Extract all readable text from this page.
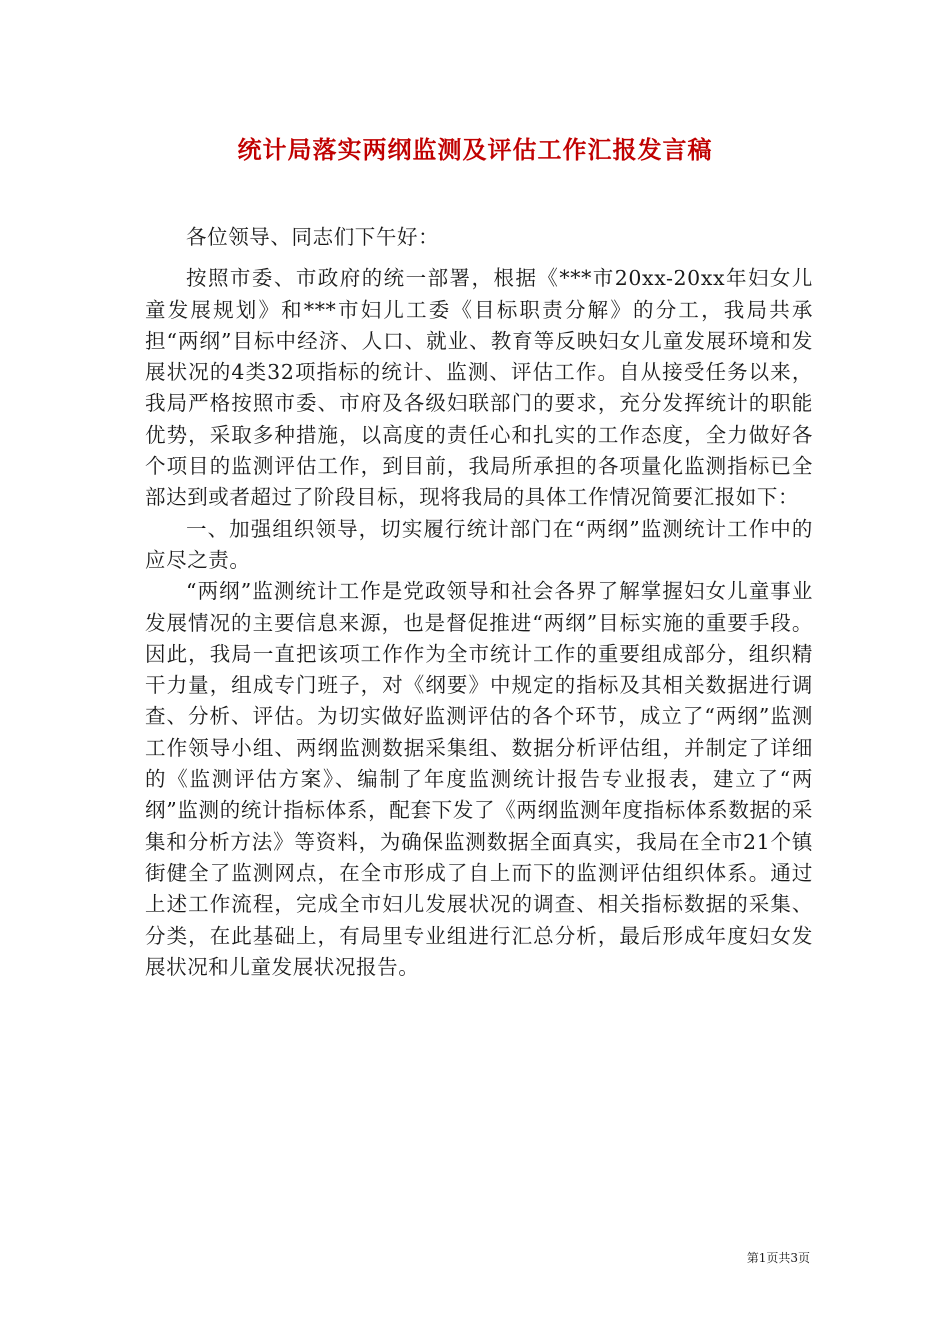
统计局落实两纲监测及评估工作汇报发言稿

各位领导、同志们下午好：

按照市委、市政府的统一部署，根据《***市20xx-20xx年妇女儿童发展规划》和***市妇儿工委《目标职责分解》的分工，我局共承担“两纲”目标中经济、人口、就业、教育等反映妇女儿童发展环境和发展状况的4类32项指标的统计、监测、评估工作。自从接受任务以来，我局严格按照市委、市府及各级妇联部门的要求，充分发挥统计的职能优势，采取多种措施，以高度的责任心和扎实的工作态度，全力做好各个项目的监测评估工作，到目前，我局所承担的各项量化监测指标已全部达到或者超过了阶段目标，现将我局的具体工作情况简要汇报如下：

一、加强组织领导，切实履行统计部门在“两纲”监测统计工作中的应尽之责。

“两纲”监测统计工作是党政领导和社会各界了解掌握妇女儿童事业发展情况的主要信息来源，也是督促推进“两纲”目标实施的重要手段。因此，我局一直把该项工作作为全市统计工作的重要组成部分，组织精干力量，组成专门班子，对《纲要》中规定的指标及其相关数据进行调查、分析、评估。为切实做好监测评估的各个环节，成立了“两纲”监测工作领导小组、两纲监测数据采集组、数据分析评估组，并制定了详细的《监测评估方案》、编制了年度监测统计报告专业报表，建立了“两纲”监测的统计指标体系，配套下发了《两纲监测年度指标体系数据的采集和分析方法》等资料，为确保监测数据全面真实，我局在全市21个镇街健全了监测网点，在全市形成了自上而下的监测评估组织体系。通过上述工作流程，完成全市妇儿发展状况的调查、相关指标数据的采集、分类，在此基础上，有局里专业组进行汇总分析，最后形成年度妇女发展状况和儿童发展状况报告。

第1页共3页
